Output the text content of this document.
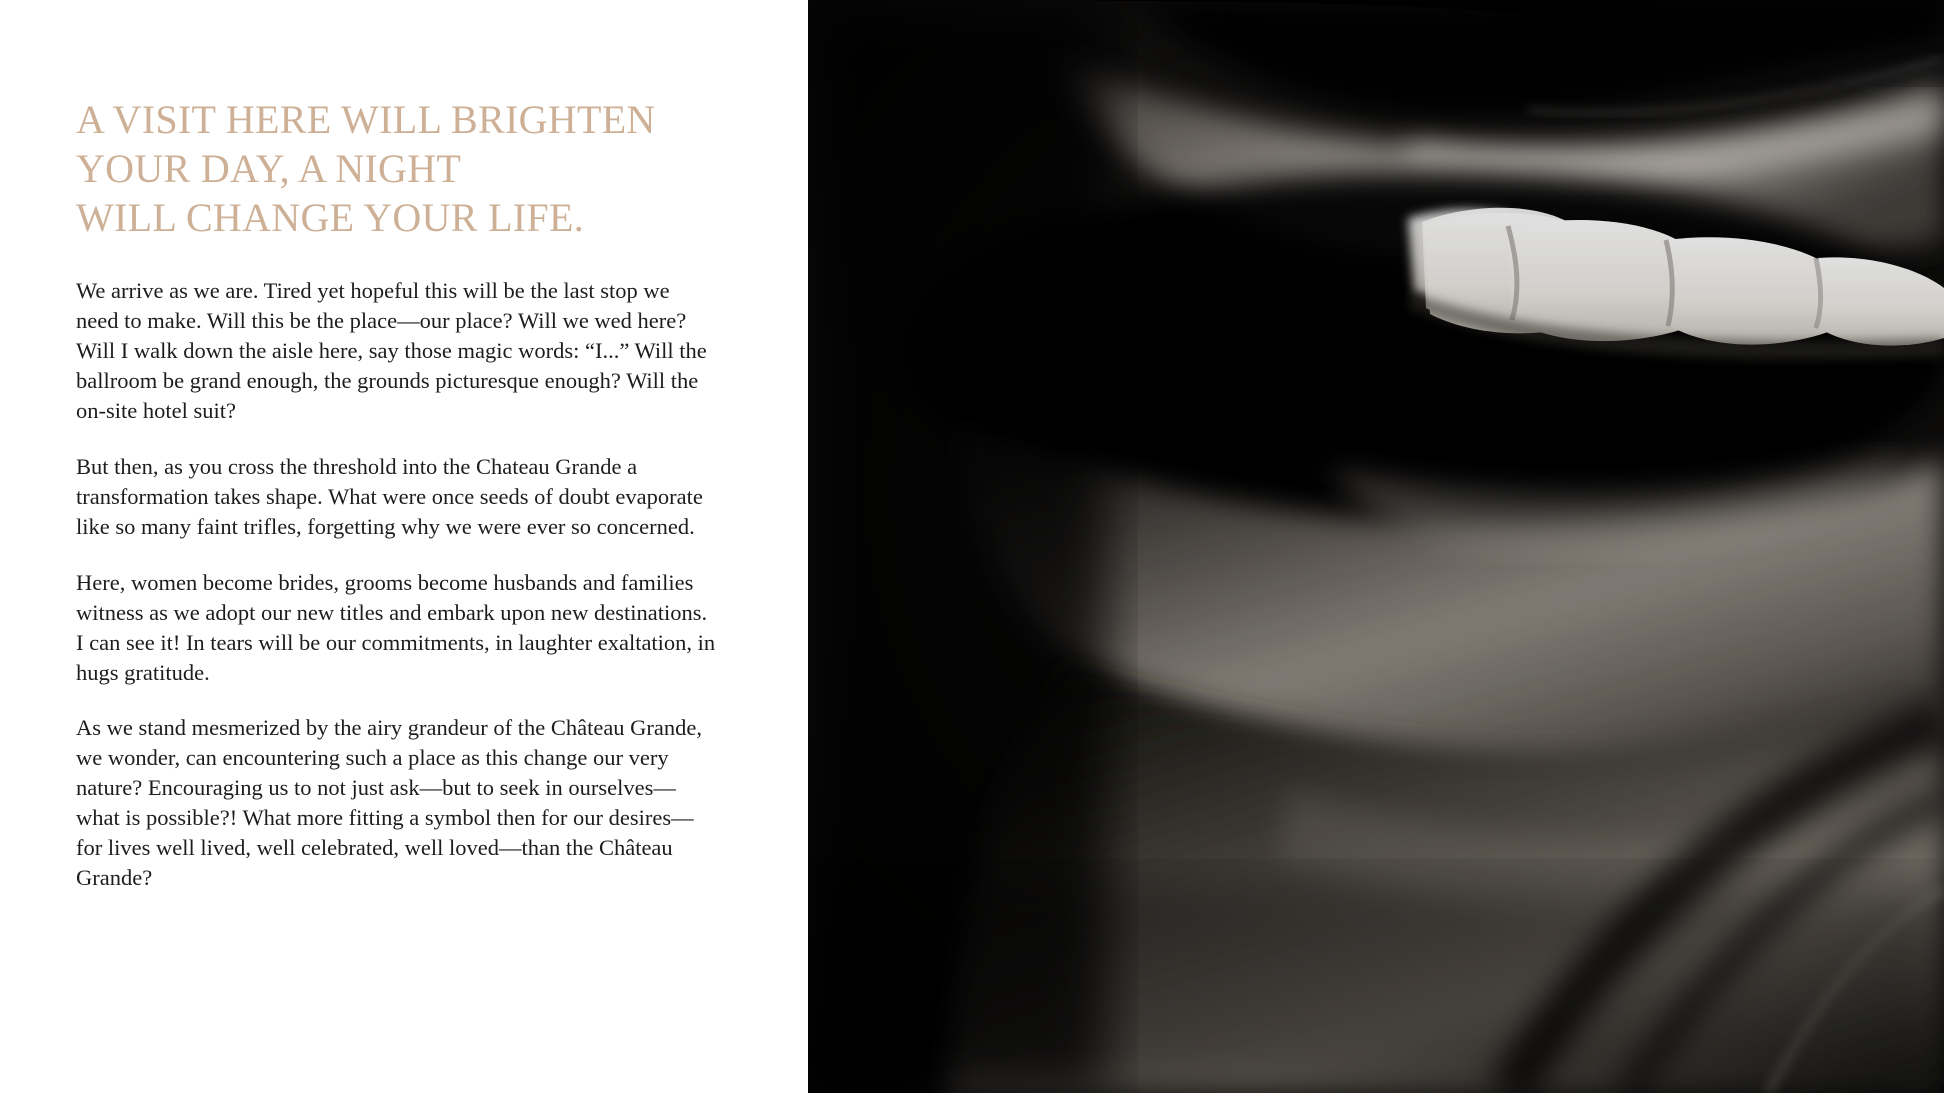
A VISIT HERE WILL BRIGHTEN
YOUR DAY, A NIGHT
WILL CHANGE YOUR LIFE.

We arrive as we are. Tired yet hopeful this will be the last stop we need to make. Will this be the place—our place? Will we wed here? Will I walk down the aisle here, say those magic words: “I...” Will the ballroom be grand enough, the grounds picturesque enough? Will the on-site hotel suit?

But then, as you cross the threshold into the Chateau Grande a transformation takes shape. What were once seeds of doubt evaporate like so many faint trifles, forgetting why we were ever so concerned.

Here, women become brides, grooms become husbands and families witness as we adopt our new titles and embark upon new destinations. I can see it! In tears will be our commitments, in laughter exaltation, in hugs gratitude.

As we stand mesmerized by the airy grandeur of the Château Grande, we wonder, can encountering such a place as this change our very nature? Encouraging us to not just ask—but to seek in ourselves—what is possible?! What more fitting a symbol then for our desires—for lives well lived, well celebrated, well loved—than the Château Grande?
